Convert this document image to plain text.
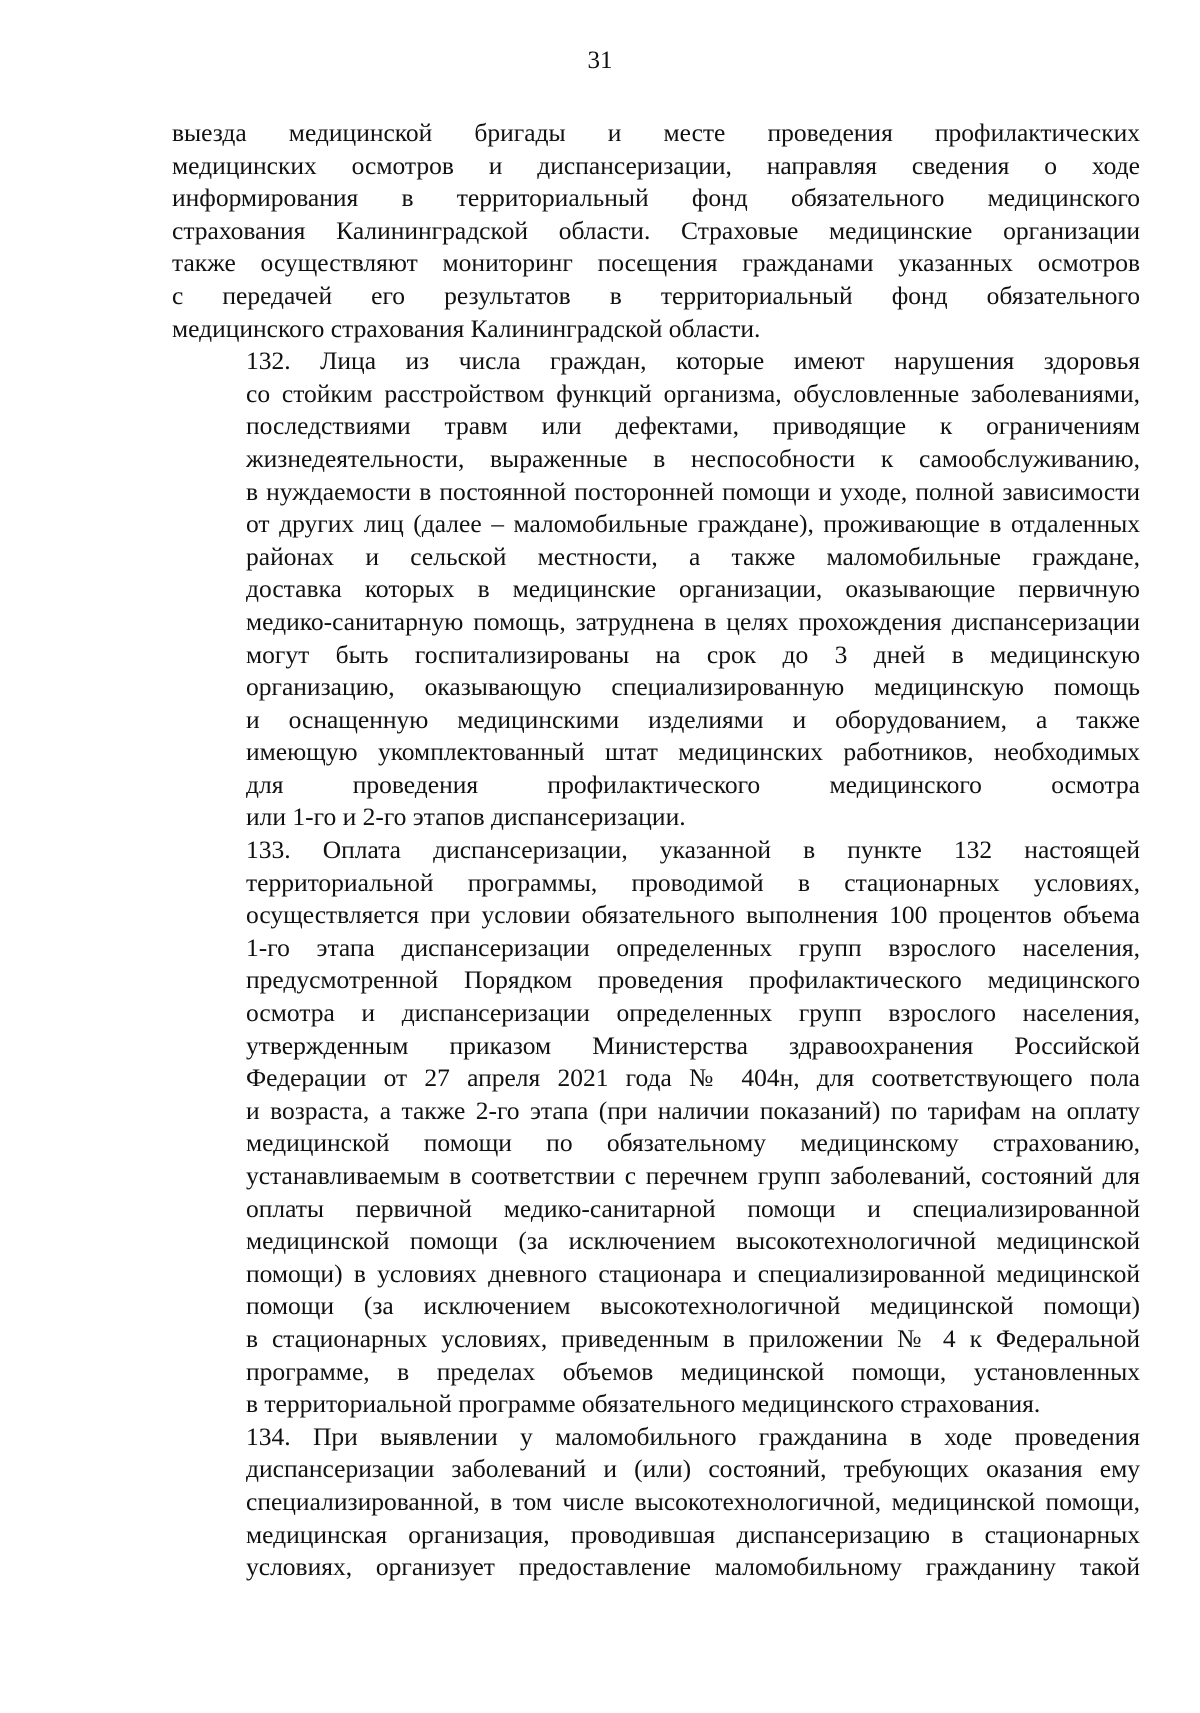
31
выезда медицинской бригады и месте проведения профилактических
медицинских осмотров и диспансеризации, направляя сведения о ходе
информирования в территориальный фонд обязательного медицинского
страхования Калининградской области. Страховые медицинские организации
также осуществляют мониторинг посещения гражданами указанных осмотров
с передачей его результатов в территориальный фонд обязательного
медицинского страхования Калининградской области.
132. Лица из числа граждан, которые имеют нарушения здоровья
со стойким расстройством функций организма, обусловленные заболеваниями,
последствиями травм или дефектами, приводящие к ограничениям
жизнедеятельности, выраженные в неспособности к самообслуживанию,
в нуждаемости в постоянной посторонней помощи и уходе, полной зависимости
от других лиц (далее – маломобильные граждане), проживающие в отдаленных
районах и сельской местности, а также маломобильные граждане,
доставка которых в медицинские организации, оказывающие первичную
медико-санитарную помощь, затруднена в целях прохождения диспансеризации
могут быть госпитализированы на срок до 3 дней в медицинскую
организацию, оказывающую специализированную медицинскую помощь
и оснащенную медицинскими изделиями и оборудованием, а также
имеющую укомплектованный штат медицинских работников, необходимых
для проведения профилактического медицинского осмотра
или 1-го и 2-го этапов диспансеризации.
133. Оплата диспансеризации, указанной в пункте 132 настоящей
территориальной программы, проводимой в стационарных условиях,
осуществляется при условии обязательного выполнения 100 процентов объема
1-го этапа диспансеризации определенных групп взрослого населения,
предусмотренной Порядком проведения профилактического медицинского
осмотра и диспансеризации определенных групп взрослого населения,
утвержденным приказом Министерства здравоохранения Российской
Федерации от 27 апреля 2021 года № 404н, для соответствующего пола
и возраста, а также 2-го этапа (при наличии показаний) по тарифам на оплату
медицинской помощи по обязательному медицинскому страхованию,
устанавливаемым в соответствии с перечнем групп заболеваний, состояний для
оплаты первичной медико-санитарной помощи и специализированной
медицинской помощи (за исключением высокотехнологичной медицинской
помощи) в условиях дневного стационара и специализированной медицинской
помощи (за исключением высокотехнологичной медицинской помощи)
в стационарных условиях, приведенным в приложении № 4 к Федеральной
программе, в пределах объемов медицинской помощи, установленных
в территориальной программе обязательного медицинского страхования.
134. При выявлении у маломобильного гражданина в ходе проведения
диспансеризации заболеваний и (или) состояний, требующих оказания ему
специализированной, в том числе высокотехнологичной, медицинской помощи,
медицинская организация, проводившая диспансеризацию в стационарных
условиях, организует предоставление маломобильному гражданину такой
